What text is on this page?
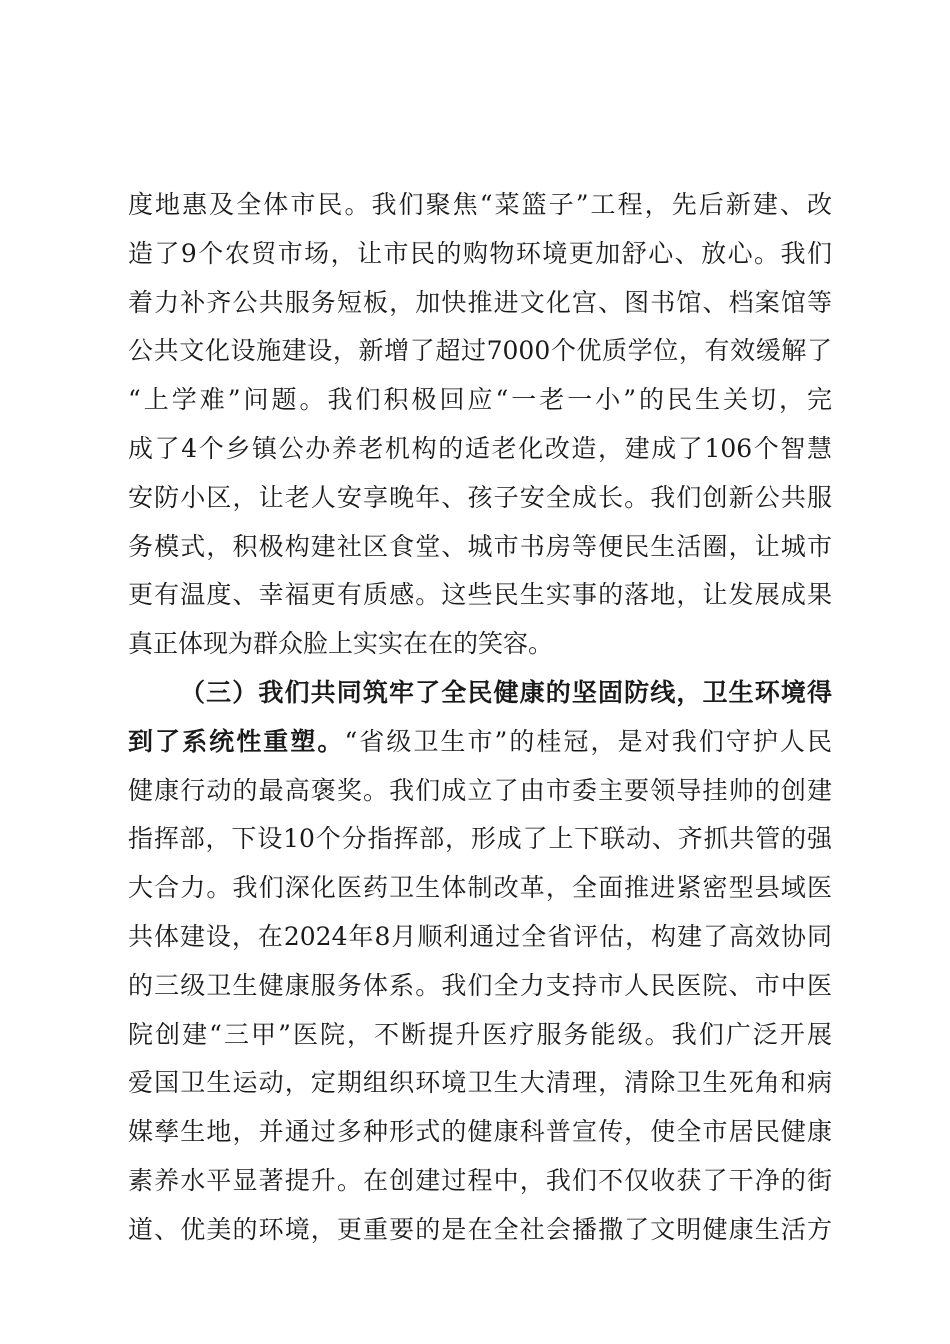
度地惠及全体市民。我们聚焦“菜篮子”工程，先后新建、改
造了9个农贸市场，让市民的购物环境更加舒心、放心。我们
着力补齐公共服务短板，加快推进文化宫、图书馆、档案馆等
公共文化设施建设，新增了超过7000个优质学位，有效缓解了
“上学难”问题。我们积极回应“一老一小”的民生关切，完
成了4个乡镇公办养老机构的适老化改造，建成了106个智慧
安防小区，让老人安享晚年、孩子安全成长。我们创新公共服
务模式，积极构建社区食堂、城市书房等便民生活圈，让城市
更有温度、幸福更有质感。这些民生实事的落地，让发展成果
真正体现为群众脸上实实在在的笑容。
（三）我们共同筑牢了全民健康的坚固防线，卫生环境得
到了系统性重塑。“省级卫生市”的桂冠，是对我们守护人民
健康行动的最高褒奖。我们成立了由市委主要领导挂帅的创建
指挥部，下设10个分指挥部，形成了上下联动、齐抓共管的强
大合力。我们深化医药卫生体制改革，全面推进紧密型县域医
共体建设，在2024年8月顺利通过全省评估，构建了高效协同
的三级卫生健康服务体系。我们全力支持市人民医院、市中医
院创建“三甲”医院，不断提升医疗服务能级。我们广泛开展
爱国卫生运动，定期组织环境卫生大清理，清除卫生死角和病
媒孳生地，并通过多种形式的健康科普宣传，使全市居民健康
素养水平显著提升。在创建过程中，我们不仅收获了干净的街
道、优美的环境，更重要的是在全社会播撒了文明健康生活方
